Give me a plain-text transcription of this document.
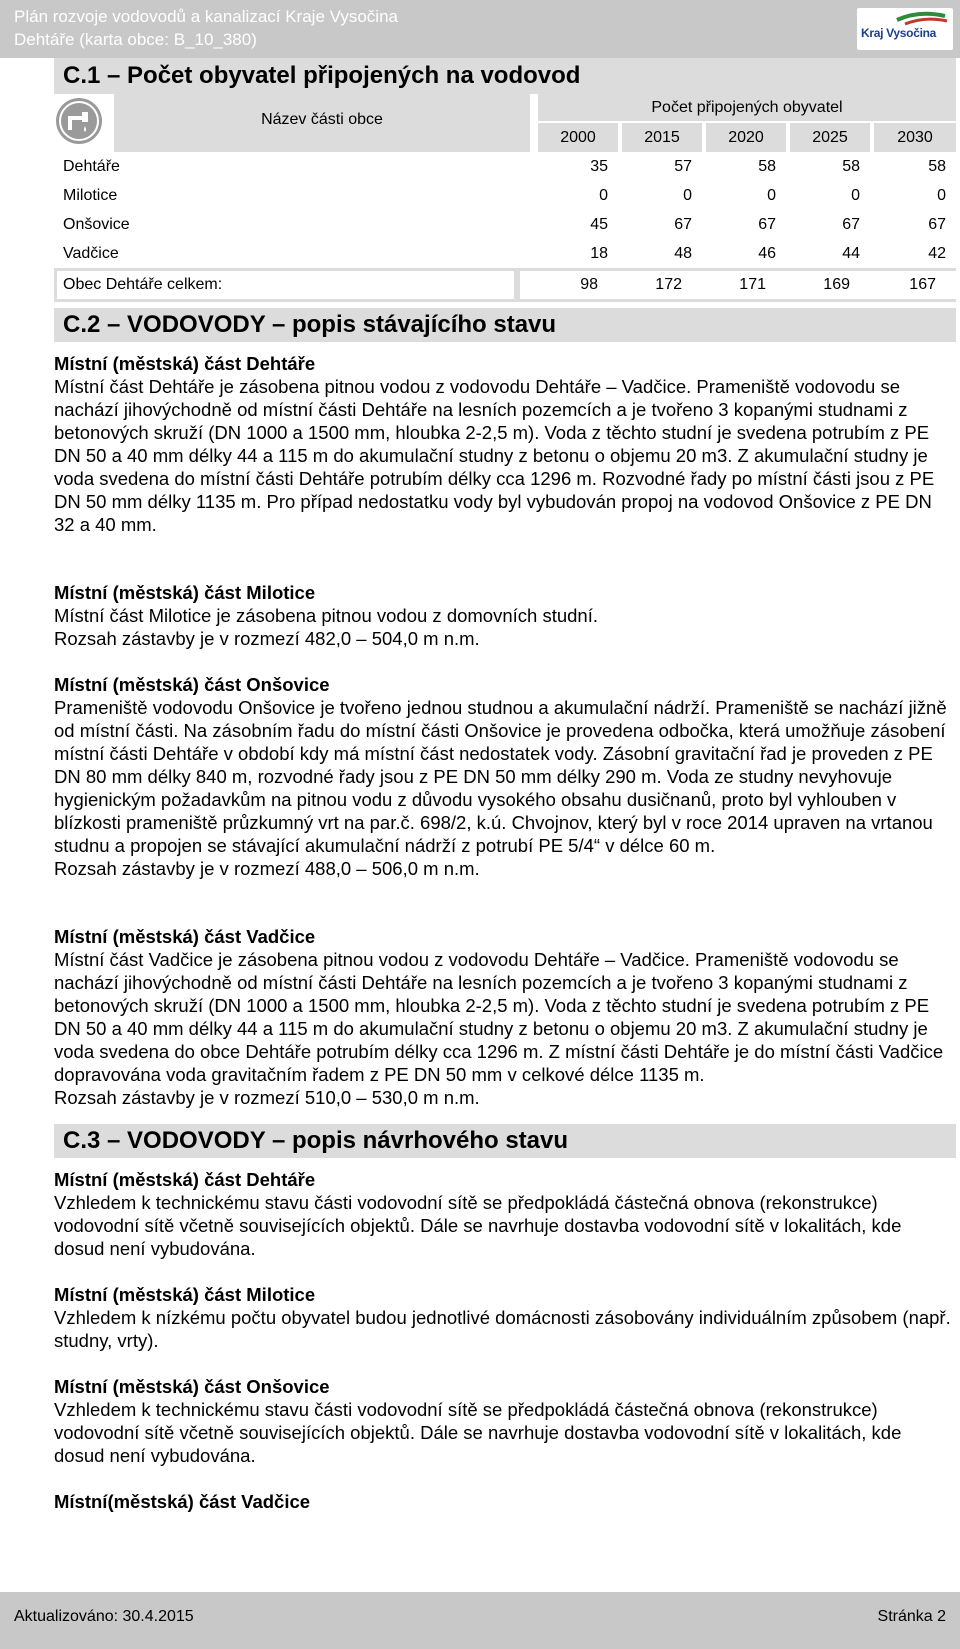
Plán rozvoje vodovodů a kanalizací Kraje Vysočina
Dehtáře (karta obce: B_10_380)	Kraj Vysočina
C.1 – Počet obyvatel připojených na vodovod
Název části obce
Počet připojených obyvatel
2000	2015	2020	2025	2030
Dehtáře	35	57	58	58	58
Milotice	0	0	0	0	0
Onšovice	45	67	67	67	67
Vadčice	18	48	46	44	42
Obec Dehtáře celkem:	98	172	171	169	167
C.2 – VODOVODY – popis stávajícího stavu
Místní (městská) část Dehtáře

Místní část Dehtáře je zásobena pitnou vodou z vodovodu Dehtáře – Vadčice. Prameniště vodovodu se nachází jihovýchodně od místní části Dehtáře na lesních pozemcích a je tvořeno 3 kopanými studnami z betonových skruží (DN 1000 a 1500 mm, hloubka 2-2,5 m). Voda z těchto studní je svedena potrubím z PE DN 50 a 40 mm délky 44 a 115 m do akumulační studny z betonu o objemu 20 m3. Z akumulační studny je voda svedena do místní části Dehtáře potrubím délky cca 1296 m. Rozvodné řady po místní části jsou z PE DN 50 mm délky 1135 m. Pro případ nedostatku vody byl vybudován propoj na vodovod Onšovice z PE DN 32 a 40 mm.

Místní (městská) část Milotice

Místní část Milotice je zásobena pitnou vodou z domovních studní.

Rozsah zástavby je v rozmezí 482,0 – 504,0 m n.m.

Místní (městská) část Onšovice

Prameniště vodovodu Onšovice je tvořeno jednou studnou a akumulační nádrží. Prameniště se nachází jižně od místní části. Na zásobním řadu do místní části Onšovice je provedena odbočka, která umožňuje zásobení místní části Dehtáře v období kdy má místní část nedostatek vody. Zásobní gravitační řad je proveden z PE DN 80 mm délky 840 m, rozvodné řady jsou z PE DN 50 mm délky 290 m. Voda ze studny nevyhovuje hygienickým požadavkům na pitnou vodu z důvodu vysokého obsahu dusičnanů, proto byl vyhlouben v blízkosti prameniště průzkumný vrt na par.č. 698/2, k.ú. Chvojnov, který byl v roce 2014 upraven na vrtanou studnu a propojen se stávající akumulační nádrží z potrubí PE 5/4“ v délce 60 m.

Rozsah zástavby je v rozmezí 488,0 – 506,0 m n.m.

Místní (městská) část Vadčice

Místní část Vadčice je zásobena pitnou vodou z vodovodu Dehtáře – Vadčice. Prameniště vodovodu se nachází jihovýchodně od místní části Dehtáře na lesních pozemcích a je tvořeno 3 kopanými studnami z betonových skruží (DN 1000 a 1500 mm, hloubka 2-2,5 m). Voda z těchto studní je svedena potrubím z PE DN 50 a 40 mm délky 44 a 115 m do akumulační studny z betonu o objemu 20 m3. Z akumulační studny je voda svedena do obce Dehtáře potrubím délky cca 1296 m. Z místní části Dehtáře je do místní části Vadčice dopravována voda gravitačním řadem z PE DN 50 mm v celkové délce 1135 m.

Rozsah zástavby je v rozmezí 510,0 – 530,0 m n.m.

C.3 – VODOVODY – popis návrhového stavu
Místní (městská) část Dehtáře

Vzhledem k technickému stavu části vodovodní sítě se předpokládá částečná obnova (rekonstrukce) vodovodní sítě včetně souvisejících objektů. Dále se navrhuje dostavba vodovodní sítě v lokalitách, kde dosud není vybudována.

Místní (městská) část Milotice

Vzhledem k nízkému počtu obyvatel budou jednotlivé domácnosti zásobovány individuálním způsobem (např. studny, vrty).

Místní (městská) část Onšovice

Vzhledem k technickému stavu části vodovodní sítě se předpokládá částečná obnova (rekonstrukce) vodovodní sítě včetně souvisejících objektů. Dále se navrhuje dostavba vodovodní sítě v lokalitách, kde dosud není vybudována.

Místní(městská) část Vadčice
Aktualizováno: 30.4.2015	Stránka 2
